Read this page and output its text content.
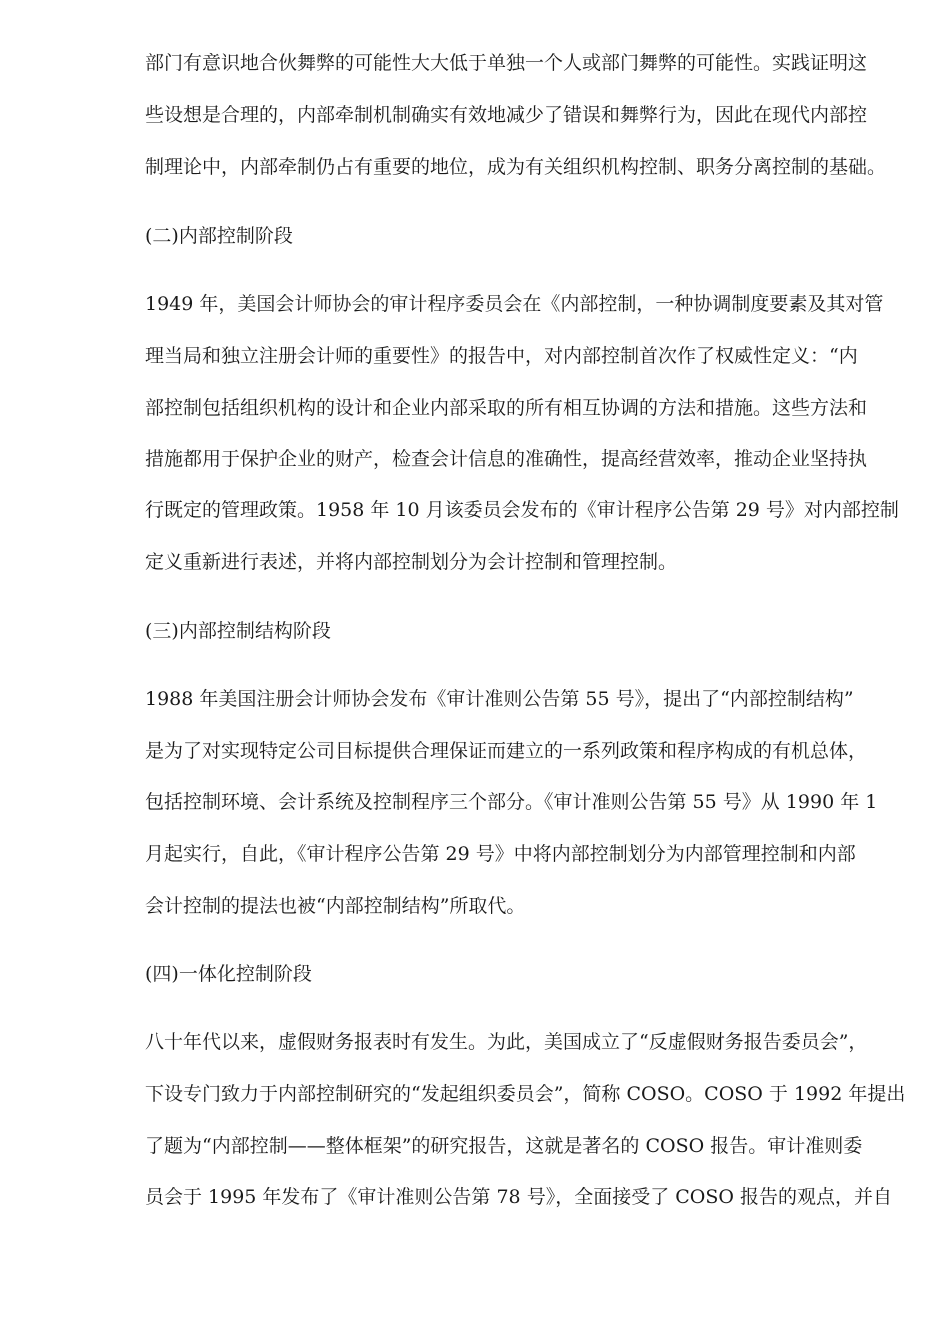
部门有意识地合伙舞弊的可能性大大低于单独一个人或部门舞弊的可能性。实践证明这
些设想是合理的，内部牵制机制确实有效地减少了错误和舞弊行为，因此在现代内部控
制理论中，内部牵制仍占有重要的地位，成为有关组织机构控制、职务分离控制的基础。
(二)内部控制阶段
1949 年，美国会计师协会的审计程序委员会在《内部控制，一种协调制度要素及其对管
理当局和独立注册会计师的重要性》的报告中，对内部控制首次作了权威性定义：“内
部控制包括组织机构的设计和企业内部采取的所有相互协调的方法和措施。这些方法和
措施都用于保护企业的财产，检查会计信息的准确性，提高经营效率，推动企业坚持执
行既定的管理政策。1958 年 10 月该委员会发布的《审计程序公告第 29 号》对内部控制
定义重新进行表述，并将内部控制划分为会计控制和管理控制。
(三)内部控制结构阶段
1988 年美国注册会计师协会发布《审计准则公告第 55 号》，提出了“内部控制结构”
是为了对实现特定公司目标提供合理保证而建立的一系列政策和程序构成的有机总体，
包括控制环境、会计系统及控制程序三个部分。《审计准则公告第 55 号》从 1990 年 1
月起实行，自此，《审计程序公告第 29 号》中将内部控制划分为内部管理控制和内部
会计控制的提法也被“内部控制结构”所取代。
(四)一体化控制阶段
八十年代以来，虚假财务报表时有发生。为此，美国成立了“反虚假财务报告委员会”，
下设专门致力于内部控制研究的“发起组织委员会”，简称 COSO。COSO 于 1992 年提出
了题为“内部控制——整体框架”的研究报告，这就是著名的 COSO 报告。审计准则委
员会于 1995 年发布了《审计准则公告第 78 号》，全面接受了 COSO 报告的观点，并自
